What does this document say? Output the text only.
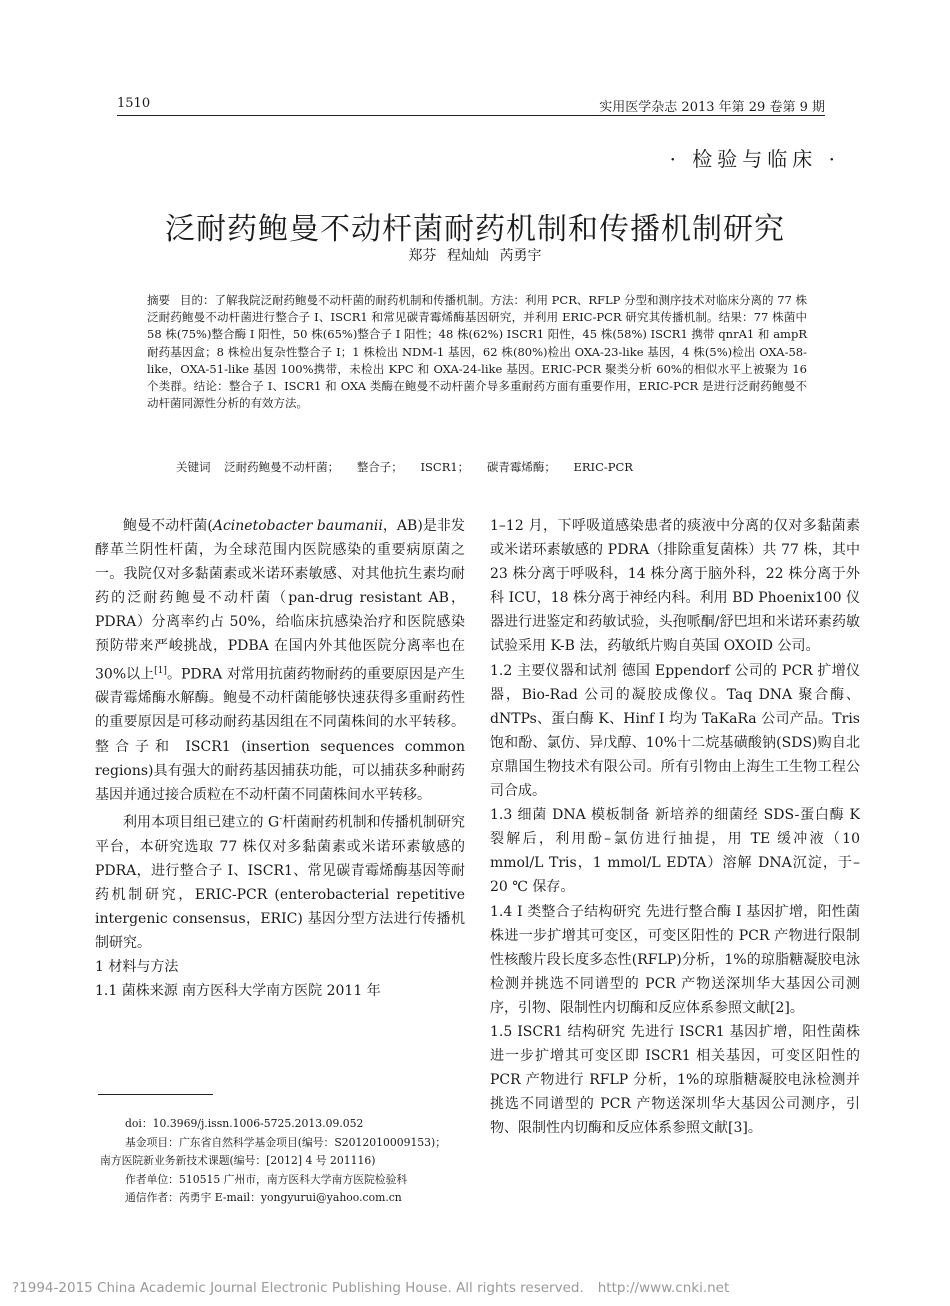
1510	实用医学杂志 2013 年第 29 卷第 9 期
· 检验与临床 ·
泛耐药鲍曼不动杆菌耐药机制和传播机制研究
郑芬 程灿灿 芮勇宇

摘要 目的：了解我院泛耐药鲍曼不动杆菌的耐药机制和传播机制。方法：利用 PCR、RFLP 分型和测序技术对临床分离的 77 株泛耐药鲍曼不动杆菌进行整合子 I、ISCR1 和常见碳青霉烯酶基因研究，并利用 ERIC-PCR 研究其传播机制。结果：77 株菌中 58 株(75%)整合酶 I 阳性，50 株(65%)整合子 I 阳性；48 株(62%) ISCR1 阳性，45 株(58%) ISCR1 携带 qnrA1 和 ampR 耐药基因盒；8 株检出复杂性整合子 I；1 株检出 NDM-1 基因，62 株(80%)检出 OXA-23-like 基因，4 株(5%)检出 OXA-58-like，OXA-51-like 基因 100%携带，未检出 KPC 和 OXA-24-like 基因。ERIC-PCR 聚类分析 60%的相似水平上被聚为 16 个类群。结论：整合子 I、ISCR1 和 OXA 类酶在鲍曼不动杆菌介导多重耐药方面有重要作用，ERIC-PCR 是进行泛耐药鲍曼不动杆菌同源性分析的有效方法。

关键词 泛耐药鲍曼不动杆菌； 整合子； ISCR1； 碳青霉烯酶； ERIC-PCR

鲍曼不动杆菌(Acinetobacter baumanii，AB)是非发酵革兰阴性杆菌，为全球范围内医院感染的重要病原菌之一。我院仅对多黏菌素或米诺环素敏感、对其他抗生素均耐药的泛耐药鲍曼不动杆菌（pan-drug resistant AB，PDRA）分离率约占 50%，给临床抗感染治疗和医院感染预防带来严峻挑战，PDBA 在国内外其他医院分离率也在 30%以上[1]。PDRA 对常用抗菌药物耐药的重要原因是产生碳青霉烯酶水解酶。鲍曼不动杆菌能够快速获得多重耐药性的重要原因是可移动耐药基因组在不同菌株间的水平转移。整合子和 ISCR1 (insertion sequences common regions)具有强大的耐药基因捕获功能，可以捕获多种耐药基因并通过接合质粒在不动杆菌不同菌株间水平转移。

利用本项目组已建立的 G-杆菌耐药机制和传播机制研究平台，本研究选取 77 株仅对多黏菌素或米诺环素敏感的 PDRA，进行整合子 I、ISCR1、常见碳青霉烯酶基因等耐药机制研究，ERIC-PCR (enterobacterial repetitive intergenic consensus，ERIC) 基因分型方法进行传播机制研究。

1 材料与方法

1.1 菌株来源 南方医科大学南方医院 2011 年

1–12 月，下呼吸道感染患者的痰液中分离的仅对多黏菌素或米诺环素敏感的 PDRA（排除重复菌株）共 77 株，其中 23 株分离于呼吸科，14 株分离于脑外科，22 株分离于外科 ICU，18 株分离于神经内科。利用 BD Phoenix100 仪器进行进鉴定和药敏试验，头孢哌酮/舒巴坦和米诺环素药敏试验采用 K-B 法，药敏纸片购自英国 OXOID 公司。

1.2 主要仪器和试剂 德国 Eppendorf 公司的 PCR 扩增仪器，Bio-Rad 公司的凝胶成像仪。Taq DNA 聚合酶、dNTPs、蛋白酶 K、Hinf I 均为 TaKaRa 公司产品。Tris 饱和酚、氯仿、异戊醇、10%十二烷基磺酸钠(SDS)购自北京鼎国生物技术有限公司。所有引物由上海生工生物工程公司合成。

1.3 细菌 DNA 模板制备 新培养的细菌经 SDS-蛋白酶 K 裂解后，利用酚–氯仿进行抽提，用 TE 缓冲液（10 mmol/L Tris，1 mmol/L EDTA）溶解 DNA沉淀，于–20 ℃ 保存。

1.4 I 类整合子结构研究 先进行整合酶 I 基因扩增，阳性菌株进一步扩增其可变区，可变区阳性的 PCR 产物进行限制性核酸片段长度多态性(RFLP)分析，1%的琼脂糖凝胶电泳检测并挑选不同谱型的 PCR 产物送深圳华大基因公司测序，引物、限制性内切酶和反应体系参照文献[2]。

1.5 ISCR1 结构研究 先进行 ISCR1 基因扩增，阳性菌株进一步扩增其可变区即 ISCR1 相关基因，可变区阳性的 PCR 产物进行 RFLP 分析，1%的琼脂糖凝胶电泳检测并挑选不同谱型的 PCR 产物送深圳华大基因公司测序，引物、限制性内切酶和反应体系参照文献[3]。

doi：10.3969/j.issn.1006-5725.2013.09.052

基金项目：广东省自然科学基金项目(编号：S2012010009153)；

南方医院新业务新技术课题(编号：[2012] 4 号 201116)

作者单位：510515 广州市，南方医科大学南方医院检验科

通信作者：芮勇宇 E-mail：yongyurui@yahoo.com.cn

?1994-2015 China Academic Journal Electronic Publishing House. All rights reserved. http://www.cnki.net
